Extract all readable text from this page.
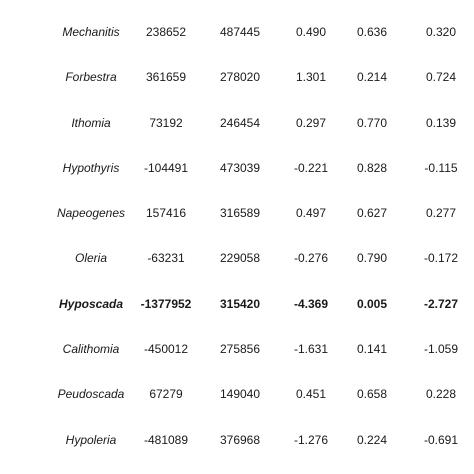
Mechanitis 238652	487445	0.490	0.636	0.320
Forbestra 361659	278020	1.301	0.214	0.724
Ithomia	73192	246454	0.297	0.770	0.139
Hypothyris -104491	473039	-0.221 0.828	-0.115
Napeogenes 157416	316589	0.497	0.627	0.277
Oleria	-63231	229058	-0.276 0.790	-0.172
Hyposcada -1377952 315420	-4.369 0.005	-2.727
Calithomia -450012	275856	-1.631 0.141	-1.059
Peudoscada 67279	149040	0.451	0.658	0.228
Hypoleria -481089	376968	-1.276 0.224	-0.691
